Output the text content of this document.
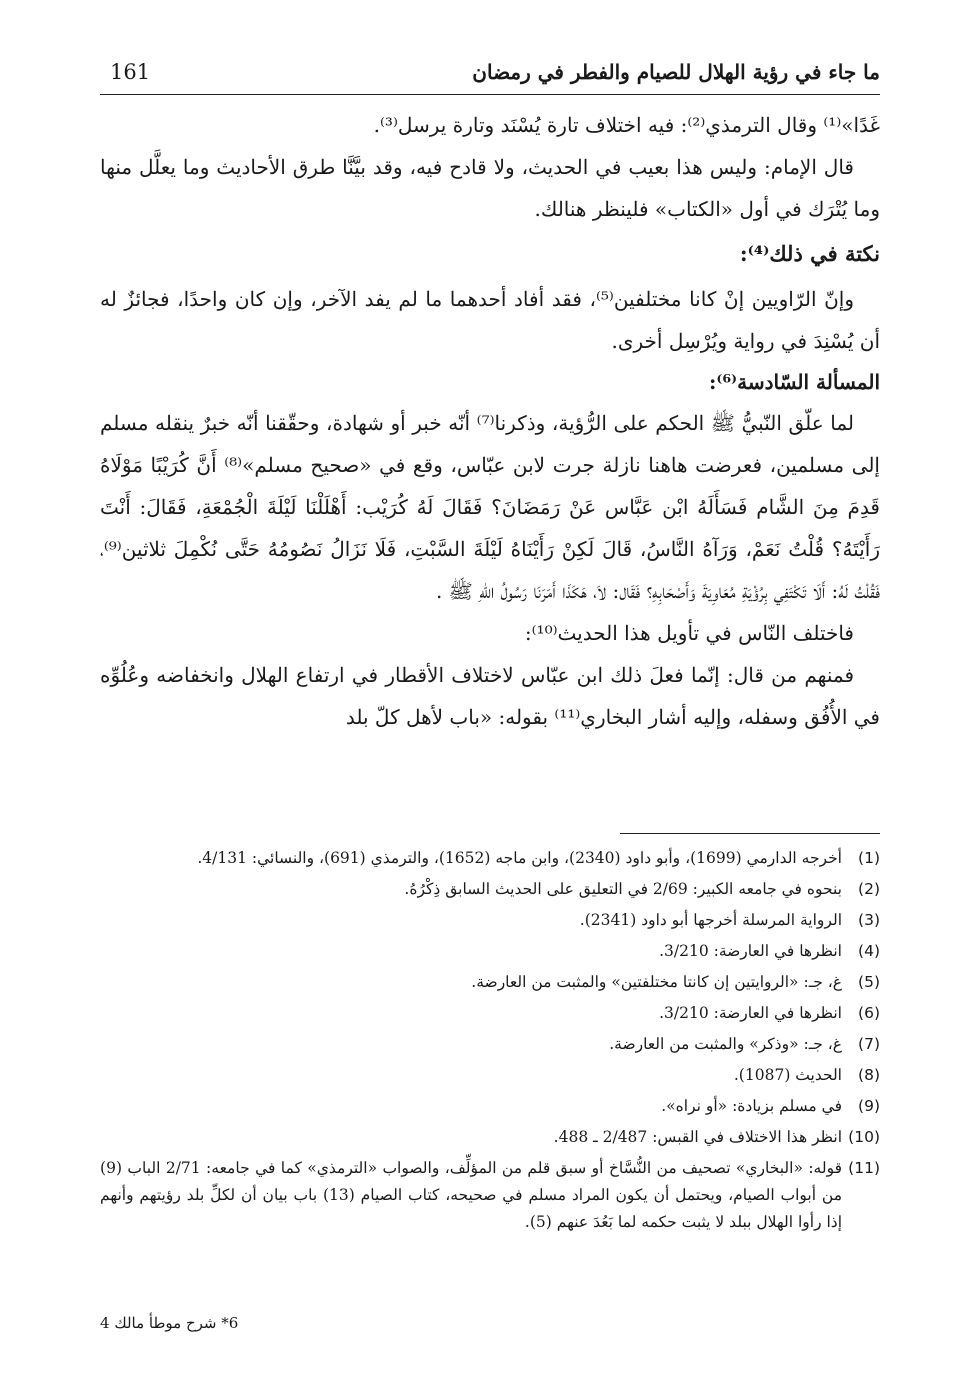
161	ما جاء في رؤية الهلال للصيام والفطر في رمضان

غَدًا»⁽¹⁾ وقال الترمذي⁽²⁾: فيه اختلاف تارة يُسْنَد وتارة يرسل⁽³⁾.

قال الإمام: وليس هذا بعيب في الحديث، ولا قادح فيه، وقد بيَّنَّا طرق الأحاديث وما يعلَّل منها وما يُتْرَك في أول «الكتاب» فلينظر هنالك.

نكتة في ذلك⁽⁴⁾:

وإنّ الرّاويين إنْ كانا مختلفين⁽⁵⁾، فقد أفاد أحدهما ما لم يفد الآخر، وإن كان واحدًا، فجائزٌ له أن يُسْنِدَ في رواية ويُرْسِل أخرى.

المسألة السّادسة⁽⁶⁾:

لما علّق النّبيُّ ﷺ الحكم على الرُّؤية، وذكرنا⁽⁷⁾ أنّه خبر أو شهادة، وحقّقنا أنّه خبرٌ ينقله مسلم إلى مسلمين، فعرضت هاهنا نازلة جرت لابن عبّاس، وقع في «صحيح مسلم»⁽⁸⁾ أَنَّ كُرَيْبًا مَوْلَاهُ قَدِمَ مِنَ الشَّام فَسَأَلَهُ ابْن عَبَّاس عَنْ رَمَضَانَ؟ فَقَالَ لَهُ كُرَيْب: أَهْلَلْنَا لَيْلَةَ الْجُمْعَةِ، فَقَالَ: أَنْتَ رَأَيْتَهُ؟ قُلْتُ نَعَمْ، وَرَآهُ النَّاسُ، قَالَ لَكِنْ رَأَيْنَاهُ لَيْلَةَ السَّبْتِ، فَلَا نَزَالُ نَصُومُهُ حَتَّى نُكْمِلَ ثلاثين⁽⁹⁾، فَقُلْتُ لَهُ: أَلَا تَكْتَفِي بِرُؤْيَةِ مُعَاوِيَةَ وَأَصْحَابِهِ؟ فَقَال: لاَ، هَكَذَا أَمَرَنَا رَسُولُ اللهِ ﷺ .

فاختلف النّاس في تأويل هذا الحديث⁽¹⁰⁾:

فمنهم من قال: إنّما فعلَ ذلك ابن عبّاس لاختلاف الأقطار في ارتفاع الهلال وانخفاضه وعُلُوِّه في الأُفُق وسفله، وإليه أشار البخاري⁽¹¹⁾ بقوله: «باب لأهل كلّ بلد

(1)
أخرجه الدارمي (1699)، وأبو داود (2340)، وابن ماجه (1652)، والترمذي (691)، والنسائي: 4/131.

(2)
بنحوه في جامعه الكبير: 2/69 في التعليق على الحديث السابق ذِكْرُهُ.

(3)
الرواية المرسلة أخرجها أبو داود (2341).

(4)
انظرها في العارضة: 3/210.

(5)
غ، جـ: «الروايتين إن كانتا مختلفتين» والمثبت من العارضة.

(6)
انظرها في العارضة: 3/210.

(7)
غ، جـ: «وذكر» والمثبت من العارضة.

(8)
الحديث (1087).

(9)
في مسلم بزيادة: «أو نراه».

(10)
انظر هذا الاختلاف في القبس: 2/487 ـ 488.

(11)
قوله: «البخاري» تصحيف من النُّسَّاخ أو سبق قلم من المؤلِّف، والصواب «الترمذي» كما في جامعه: 2/71 الباب (9) من أبواب الصيام، ويحتمل أن يكون المراد مسلم في صحيحه، كتاب الصيام (13) باب بيان أن لكلِّ بلد رؤيتهم وأنهم إذا رأوا الهلال ببلد لا يثبت حكمه لما بَعُدَ عنهم (5).

6* شرح موطأ مالك 4
